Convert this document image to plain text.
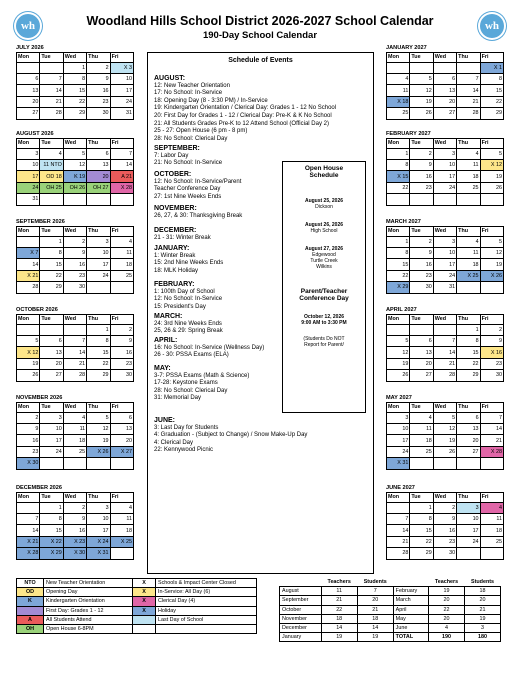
wh	wh
Woodland Hills School District 2026-2027 School Calendar
190-Day School Calendar
Schedule of Events
AUGUST:
12: New Teacher Orientation
17: No School: In-Service
18: Opening Day (8 - 3:30 PM) / In-Service
19: Kindergarten Orientation / Clerical Day: Grades 1 - 12 No School
20: First Day for Grades 1 - 12 / Clerical Day: Pre-K & K No School
21: All Students Grades Pre-K to 12 Attend School (Official Day 2)
25 - 27: Open House (6 pm - 8 pm)
28: No School: Clerical Day
SEPTEMBER:
7: Labor Day
21: No School: In-Service
OCTOBER:
12: No School: In-Service/Parent
Teacher Conference Day
27: 1st Nine Weeks Ends
NOVEMBER:
26, 27, & 30: Thanksgiving Break
DECEMBER:
21 - 31: Winter Break
JANUARY:
1: Winter Break
15: 2nd Nine Weeks Ends
18: MLK Holiday
FEBRUARY:
1: 100th Day of School
12: No School: In-Service
15: President's Day
MARCH:
24: 3rd Nine Weeks Ends
25, 26 & 29: Spring Break
APRIL:
16: No School: In-Service (Wellness Day)
26 - 30: PSSA Exams (ELA)
MAY:
3-7: PSSA Exams (Math & Science)
17-28: Keystone Exams
28: No School: Clerical Day
31: Memorial Day
JUNE:
3: Last Day for Students
4: Graduation - (Subject to Change) / Snow Make-Up Day
4: Clerical Day
22: Kennywood Picnic
Open House
Schedule
August 25, 2026
Dickson
August 26, 2026
High School
August 27, 2026
Edgewood
Turtle Creek
Wilkins
Parent/Teacher
Conference Day
October 12, 2026
9:00 AM to 3:30 PM
(Students Do NOT
Report for Parent/
NTO	New Teacher Orientation	X	Schools & Impact Center Closed
OD	Opening Day	X	In-Service: All Day (6)
K	Kindergarten Orientation	X	Clerical Day (4)
	First Day: Grades 1 - 12	X	Holiday
A	All Students Attend		Last Day of School
OH	Open House 6-8PM		
	Teachers	Students		Teachers	Students
August	11	7	February	19	18
September	21	20	March	20	20
October	22	21	April	22	21
November	18	18	May	20	19
December	14	14	June	4	3
January	19	19	TOTAL	190	180
JULY 2026
Mon	Tue	Wed	Thu	Fri
		1	2	X 3
6	7	8	9	10
13	14	15	16	17
20	21	22	23	24
27	28	29	30	31
JANUARY 2027
Mon	Tue	Wed	Thu	Fri
				X 1
4	5	6	7	8
11	12	13	14	15
X 18	19	20	21	22
25	26	27	28	29
AUGUST 2026
Mon	Tue	Wed	Thu	Fri
3	4	5	6	7
10	11 NTO	12	13	14
17	OD 18	K 19	20	A 21
24	OH 25	OH 26	OH 27	X 28
31				
FEBRUARY 2027
Mon	Tue	Wed	Thu	Fri
1	2	3	4	5
8	9	10	11	X 12
X 15	16	17	18	19
22	23	24	25	26

SEPTEMBER 2026
Mon	Tue	Wed	Thu	Fri
	1	2	3	4
X 7	8	9	10	11
14	15	16	17	18
X 21	22	23	24	25
28	29	30		
MARCH 2027
Mon	Tue	Wed	Thu	Fri
1	2	3	4	5
8	9	10	11	12
15	16	17	18	19
22	23	24	X 25	X 26
X 29	30	31		
OCTOBER 2026
Mon	Tue	Wed	Thu	Fri
			1	2
5	6	7	8	9
X 12	13	14	15	16
19	20	21	22	23
26	27	28	29	30
APRIL 2027
Mon	Tue	Wed	Thu	Fri
			1	2
5	6	7	8	9
12	13	14	15	X 16
19	20	21	22	23
26	27	28	29	30
NOVEMBER 2026
Mon	Tue	Wed	Thu	Fri
2	3	4	5	6
9	10	11	12	13
16	17	18	19	20
23	24	25	X 26	X 27
X 30				
MAY 2027
Mon	Tue	Wed	Thu	Fri
3	4	5	6	7
10	11	12	13	14
17	18	19	20	21
24	25	26	27	X 28
X 31				
DECEMBER 2026
Mon	Tue	Wed	Thu	Fri
	1	2	3	4
7	8	9	10	11
14	15	16	17	18
X 21	X 22	X 23	X 24	X 25
X 28	X 29	X 30	X 31	
JUNE 2027
Mon	Tue	Wed	Thu	Fri
	1	2	3	4
7	8	9	10	11
14	15	16	17	18
21	22	23	24	25
28	29	30		
